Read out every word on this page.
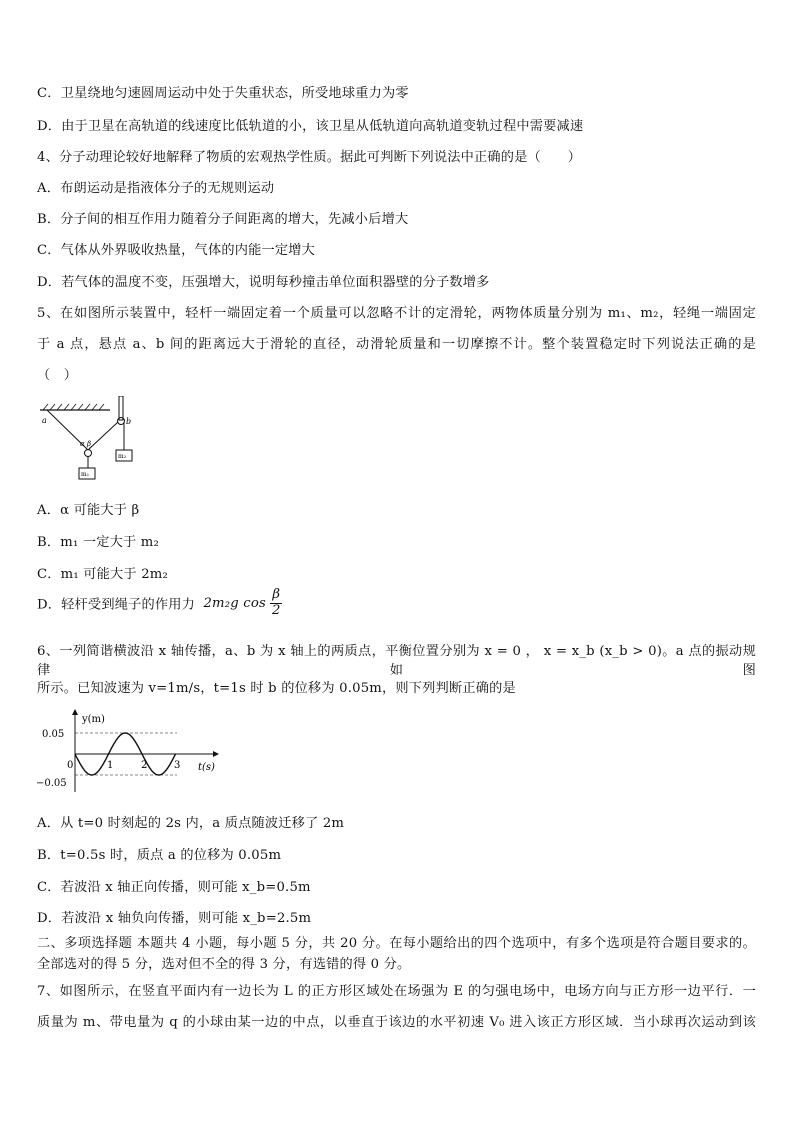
C．卫星绕地匀速圆周运动中处于失重状态，所受地球重力为零
D．由于卫星在高轨道的线速度比低轨道的小，该卫星从低轨道向高轨道变轨过程中需要减速
4、分子动理论较好地解释了物质的宏观热学性质。据此可判断下列说法中正确的是（　　）
A．布朗运动是指液体分子的无规则运动
B．分子间的相互作用力随着分子间距离的增大，先减小后增大
C．气体从外界吸收热量，气体的内能一定增大
D．若气体的温度不变，压强增大，说明每秒撞击单位面积器壁的分子数增多
5、在如图所示装置中，轻杆一端固定着一个质量可以忽略不计的定滑轮，两物体质量分别为 m₁、m₂，轻绳一端固定
于 a 点，悬点 a、b 间的距离远大于滑轮的直径，动滑轮质量和一切摩擦不计。整个装置稳定时下列说法正确的是
（　）
a	b
α β
m₁
m₂
A．α 可能大于 β
B．m₁ 一定大于 m₂
C．m₁ 可能大于 2m₂
D．轻杆受到绳子的作用力 2m₂g $\cos \frac{\beta}{2}$
6、一列简谐横波沿 x 轴传播，a、b 为 x 轴上的两质点，平衡位置分别为 x = 0 ， x = x_b (x_b > 0)。a 点的振动规律如图
所示。已知波速为 v=1m/s，t=1s 时 b 的位移为 0.05m，则下列判断正确的是
y(m)
t(s)
0.05
−0.05
0	1	2	3
A．从 t=0 时刻起的 2s 内，a 质点随波迁移了 2m
B．t=0.5s 时，质点 a 的位移为 0.05m
C．若波沿 x 轴正向传播，则可能 x_b=0.5m
D．若波沿 x 轴负向传播，则可能 x_b=2.5m
二、多项选择题 本题共 4 小题，每小题 5 分，共 20 分。在每小题给出的四个选项中，有多个选项是符合题目要求的。
全部选对的得 5 分，选对但不全的得 3 分，有选错的得 0 分。
7、如图所示，在竖直平面内有一边长为 L 的正方形区域处在场强为 E 的匀强电场中，电场方向与正方形一边平行．一
质量为 m、带电量为 q 的小球由某一边的中点，以垂直于该边的水平初速 V₀ 进入该正方形区域．当小球再次运动到该
